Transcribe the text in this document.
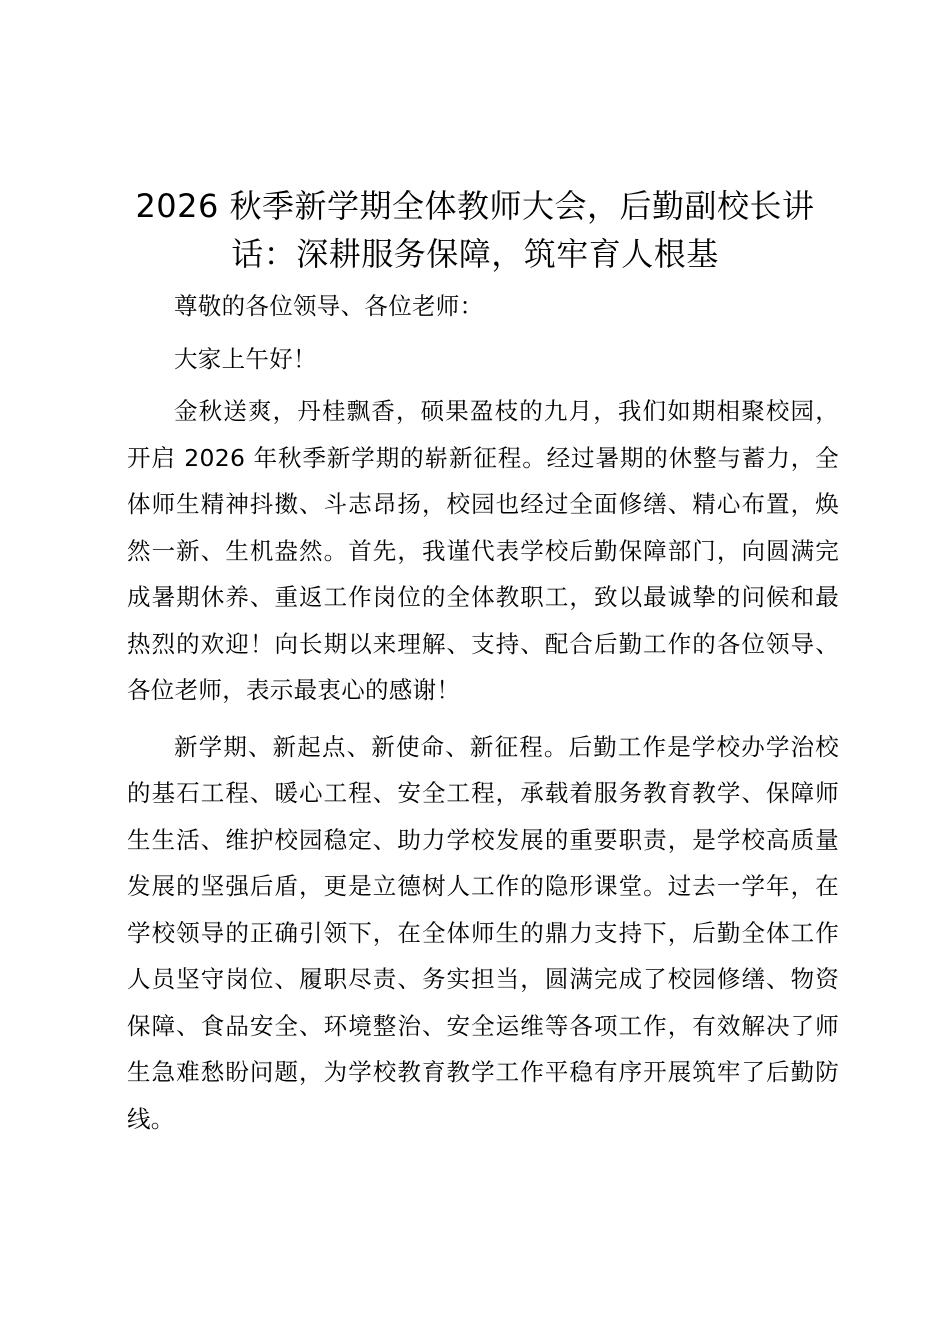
2026 秋季新学期全体教师大会，后勤副校长讲话：深耕服务保障，筑牢育人根基

尊敬的各位领导、各位老师：

大家上午好！

金秋送爽，丹桂飘香，硕果盈枝的九月，我们如期相聚校园，开启 2026 年秋季新学期的崭新征程。经过暑期的休整与蓄力，全体师生精神抖擞、斗志昂扬，校园也经过全面修缮、精心布置，焕然一新、生机盎然。首先，我谨代表学校后勤保障部门，向圆满完成暑期休养、重返工作岗位的全体教职工，致以最诚挚的问候和最热烈的欢迎！向长期以来理解、支持、配合后勤工作的各位领导、各位老师，表示最衷心的感谢！

新学期、新起点、新使命、新征程。后勤工作是学校办学治校的基石工程、暖心工程、安全工程，承载着服务教育教学、保障师生生活、维护校园稳定、助力学校发展的重要职责，是学校高质量发展的坚强后盾，更是立德树人工作的隐形课堂。过去一学年，在学校领导的正确引领下，在全体师生的鼎力支持下，后勤全体工作人员坚守岗位、履职尽责、务实担当，圆满完成了校园修缮、物资保障、食品安全、环境整治、安全运维等各项工作，有效解决了师生急难愁盼问题，为学校教育教学工作平稳有序开展筑牢了后勤防线。
